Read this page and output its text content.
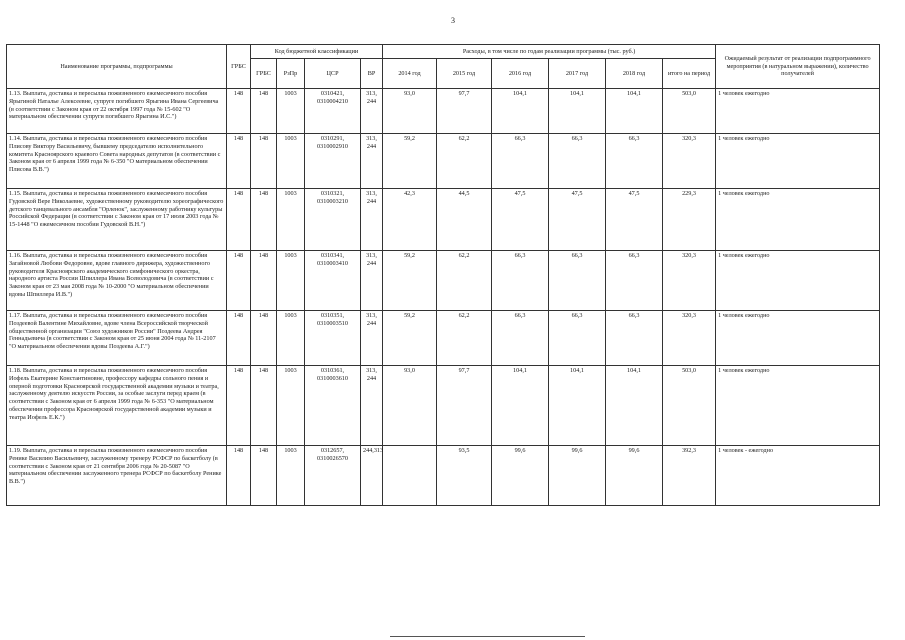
3
Наименование программы, подпрограммы	ГРБС	Код бюджетной классификации				Расходы, в том числе по годам реализации программы (тыс. руб.)						Ожидаемый результат от реализации подпрограммного мероприятия (в натуральном выражении), количество получателей
		ГРБС	РзПр	ЦСР	ВР	2014 год	2015 год	2016 год	2017 год	2018 год	итого на период	
1.13. Выплата, доставка и пересылка пожизненного ежемесячного пособия Ярыгиной Наталье Алексеевне, супруге погибшего Ярыгина Ивана Сергеевича (в соответствии с Законом края от 22 октября 1997 года № 15-602 "О материальном обеспечении супруги погибшего Ярыгина И.С.")	148	148	1003	0310421, 0310004210	313, 244	93,0	97,7	104,1	104,1	104,1	503,0	1 человек ежегодно
1.14. Выплата, доставка и пересылка пожизненного ежемесячного пособия Плисову Виктору Васильевичу, бывшему председателю исполнительного комитета Красноярского краевого Совета народных депутатов (в соответствии с Законом края от 6 апреля 1999 года № 6-350 "О материальном обеспечении Плисова В.В.")	148	148	1003	0310291, 0310002910	313, 244	59,2	62,2	66,3	66,3	66,3	320,3	1 человек ежегодно
1.15. Выплата, доставка и пересылка пожизненного ежемесячного пособия Гудовской Вере Николаевне, художественному руководителю хореографического детского танцевального ансамбля "Орленок", заслуженному работнику культуры Российской Федерации (в соответствии с Законом края от 17 июля 2003 года № 15-1448 "О ежемесячном пособии Гудовской В.Н.")	148	148	1003	0310321, 0310003210	313, 244	42,3	44,5	47,5	47,5	47,5	229,3	1 человек ежегодно
1.16. Выплата, доставка и пересылка пожизненного ежемесячного пособия Загайновой Любови Федоровне, вдове главного дирижера, художественного руководителя Красноярского академического симфонического оркестра, народного артиста России Шпиллера Ивана Всеволодовича (в соответствии с Законом края от 23 мая 2008 года № 10-2000 "О материальном обеспечении вдовы Шпиллера И.В.")	148	148	1003	0310341, 0310003410	313, 244	59,2	62,2	66,3	66,3	66,3	320,3	1 человек ежегодно
1.17. Выплата, доставка и пересылка пожизненного ежемесячного пособия Поздеевой Валентине Михайловне, вдове члена Всероссийской творческой общественной организации "Союз художников России" Поздеева Андрея Геннадьевича (в соответствии с Законом края от 25 июня 2004 года № 11-2107 "О материальном обеспечении вдовы Поздеева А.Г.")	148	148	1003	0310351, 0310003510	313, 244	59,2	62,2	66,3	66,3	66,3	320,3	1 человек ежегодно
1.18. Выплата, доставка и пересылка пожизненного ежемесячного пособия Иофель Екатерине Константиновне, профессору кафедры сольного пения и оперной подготовки Красноярской государственной академии музыки и театра, заслуженному деятелю искусств России, за особые заслуги перед краем (в соответствии с Законом края от 6 апреля 1999 года № 6-353 "О материальном обеспечении профессора Красноярской государственной академии музыки и театра Иофель Е.К.")	148	148	1003	0310361, 0310003610	313, 244	93,0	97,7	104,1	104,1	104,1	503,0	1 человек ежегодно
1.19. Выплата, доставка и пересылка пожизненного ежемесячного пособия Ренике Василию Васильевичу, заслуженному тренеру РСФСР по баскетболу (в соответствии с Законом края от 21 сентября 2006 года № 20-5087 "О материальном обеспечении заслуженного тренера РСФСР по баскетболу Ренике В.В.")	148	148	1003	0312657, 0310026570	244,313		93,5	99,6	99,6	99,6	392,3	1 человек - ежегодно
